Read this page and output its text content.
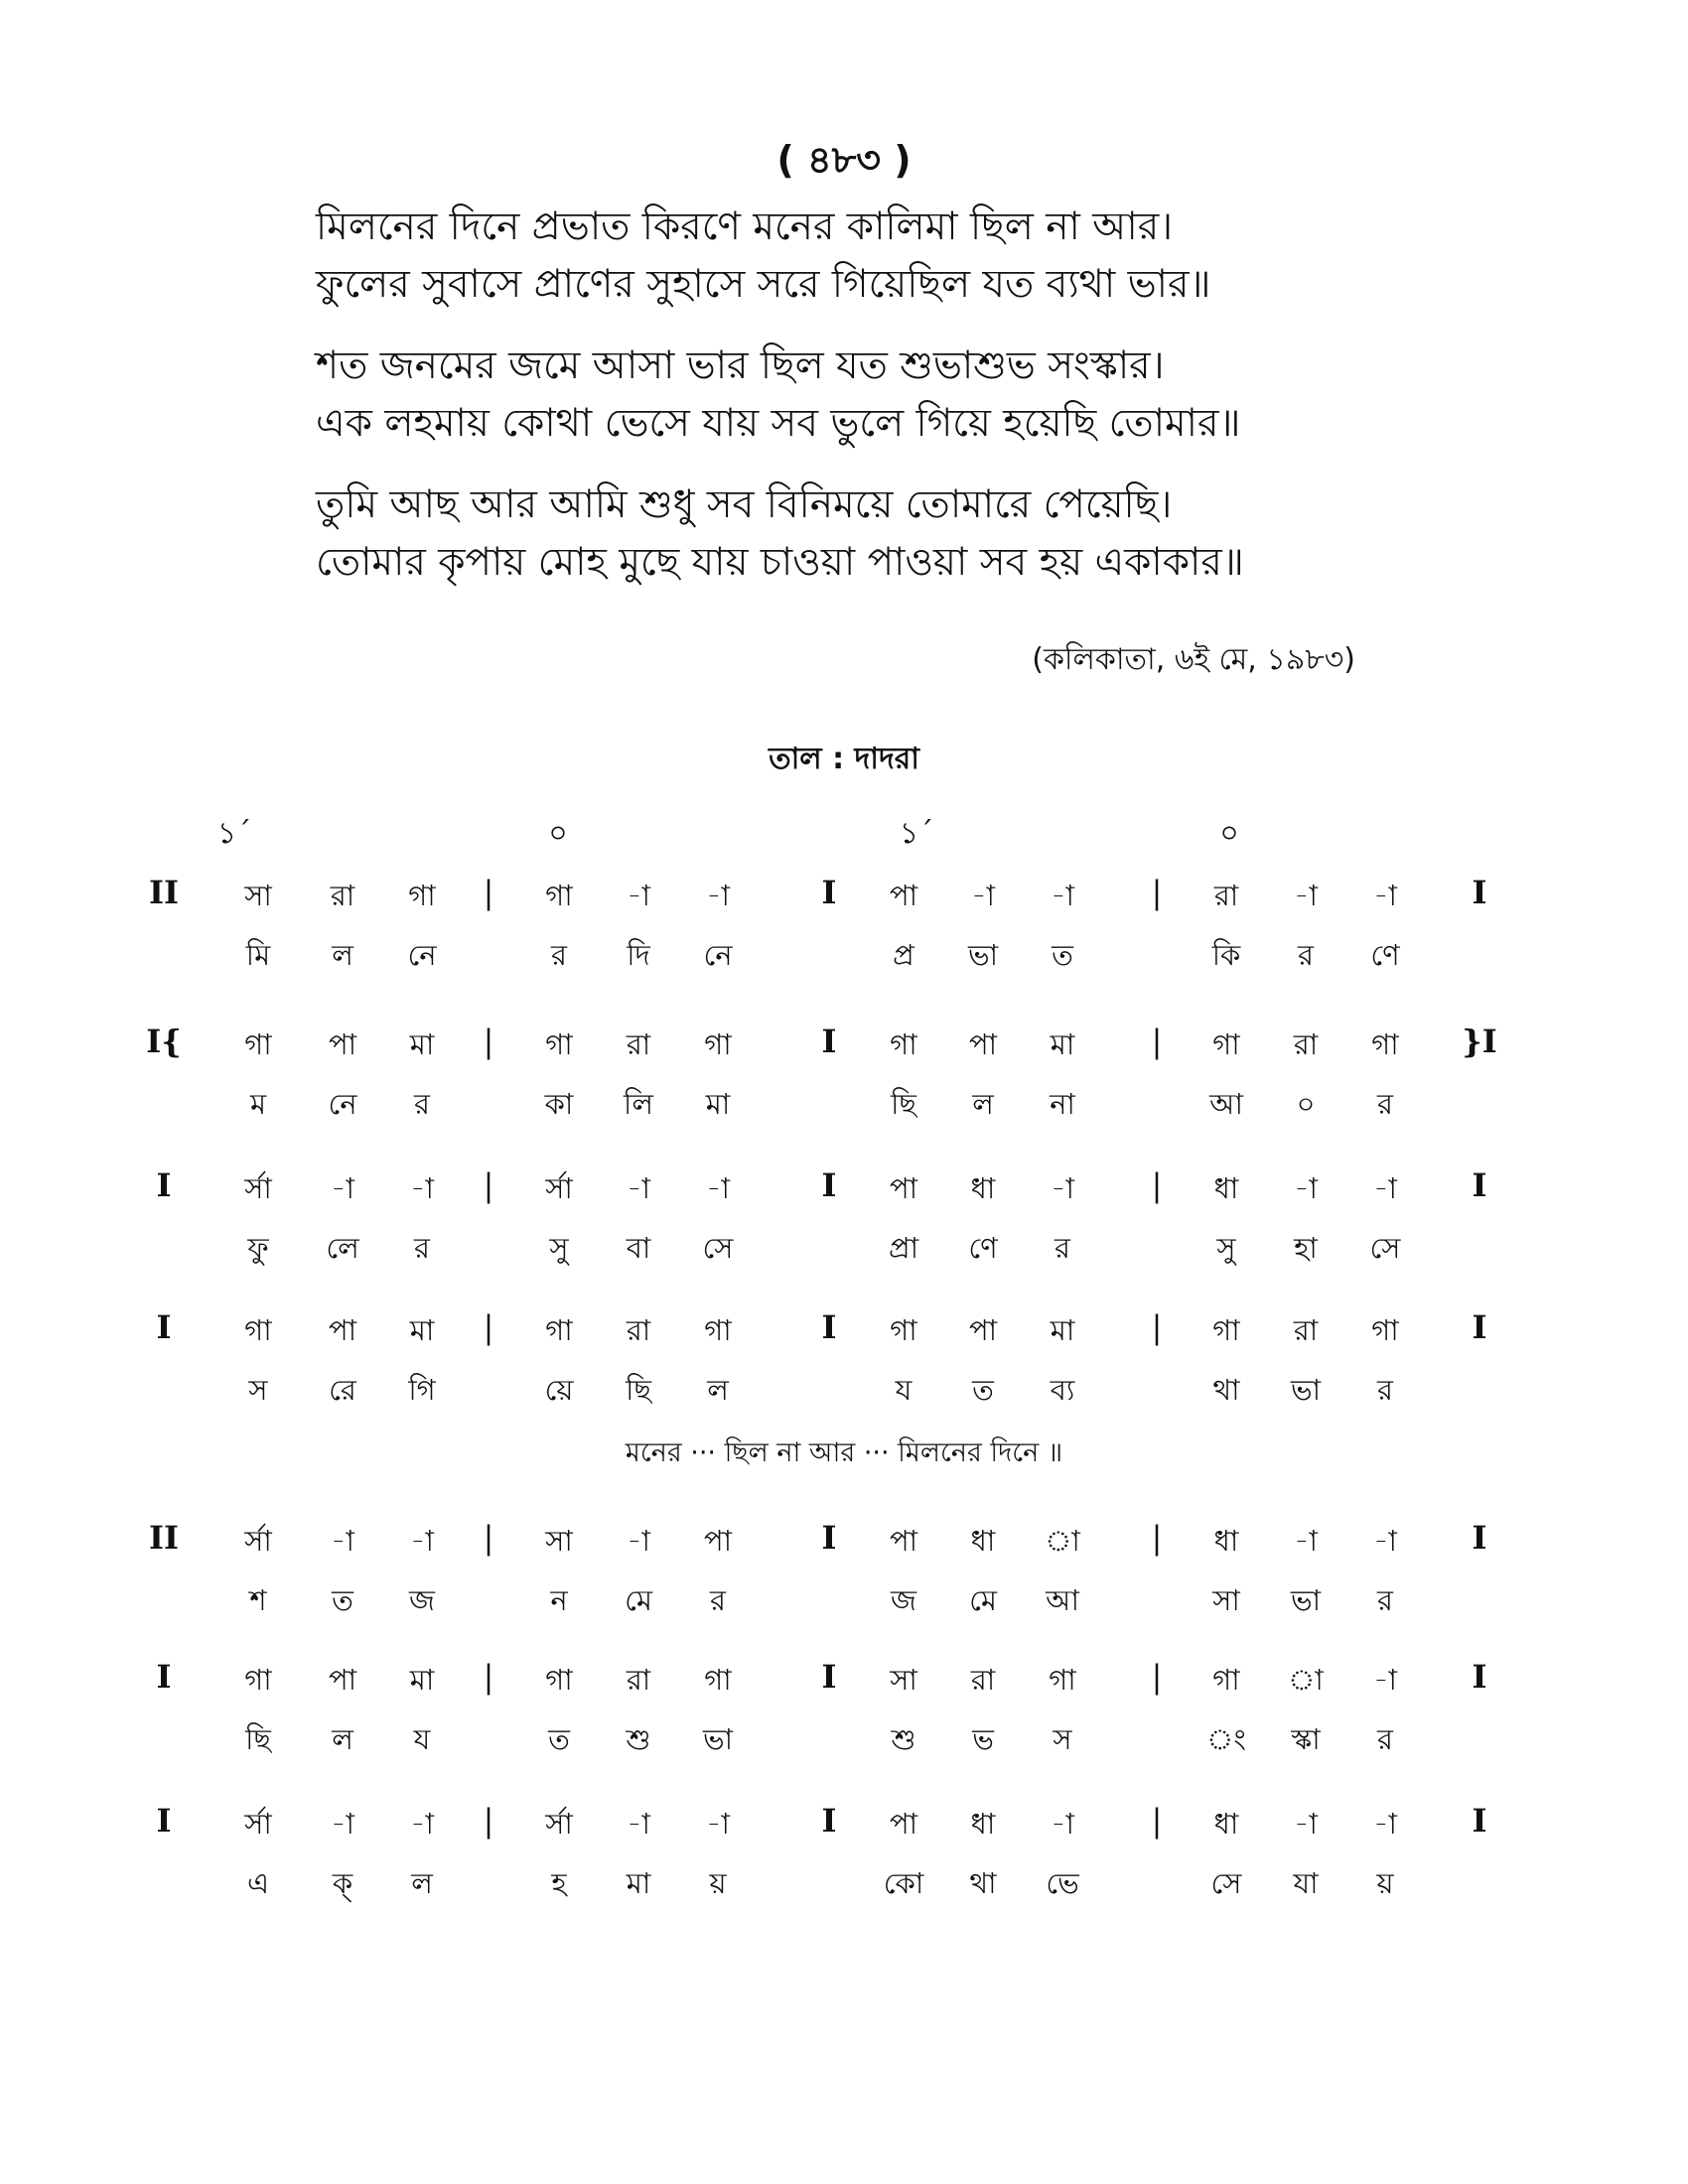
( ৪৮৩ )
মিলনের দিনে প্রভাত কিরণে মনের কালিমা ছিল না আর।
ফুলের সুবাসে প্রাণের সুহাসে সরে গিয়েছিল যত ব্যথা ভার॥
শত জনমের জমে আসা ভার ছিল যত শুভাশুভ সংস্কার।
এক লহমায় কোথা ভেসে যায় সব ভুলে গিয়ে হয়েছি তোমার॥
তুমি আছ আর আমি শুধু সব বিনিময়ে তোমারে পেয়েছি।
তোমার কৃপায় মোহ মুছে যায় চাওয়া পাওয়া সব হয় একাকার॥
(কলিকাতা, ৬ই মে, ১৯৮৩)
তাল : দাদরা
১´	০	১´	০
II	|	I	|	I
সা	রা	গা	গা	-া	-া	পা	-া	-া	রা	-া	-া
মি	ল	নে	র	দি	নে	প্র	ভা	ত	কি	র	ণে
I{	|	I	|	}I
গা	পা	মা	গা	রা	গা	গা	পা	মা	গা	রা	গা
ম	নে	র	কা	লি	মা	ছি	ল	না	আ	০	র
I	|	I	|	I
র্সা	-া	-া	র্সা	-া	-া	পা	ধা	-া	ধা	-া	-া
ফু	লে	র	সু	বা	সে	প্রা	ণে	র	সু	হা	সে
I	|	I	|	I
গা	পা	মা	গা	রা	গা	গা	পা	মা	গা	রা	গা
স	রে	গি	য়ে	ছি	ল	য	ত	ব্য	থা	ভা	র
II	|	I	|	I
র্সা	-া	-া	সা	-া	পা	পা	ধা	া	ধা	-া	-া
শ	ত	জ	ন	মে	র	জ	মে	আ	সা	ভা	র
I	|	I	|	I
গা	পা	মা	গা	রা	গা	সা	রা	গা	গা	া	-া
ছি	ল	য	ত	শু	ভা	শু	ভ	স	ং	স্কা	র
I	|	I	|	I
র্সা	-া	-া	র্সা	-া	-া	পা	ধা	-া	ধা	-া	-া
এ	ক্	ল	হ	মা	য়	কো	থা	ভে	সে	যা	য়
মনের ··· ছিল না আর ··· মিলনের দিনে ॥
